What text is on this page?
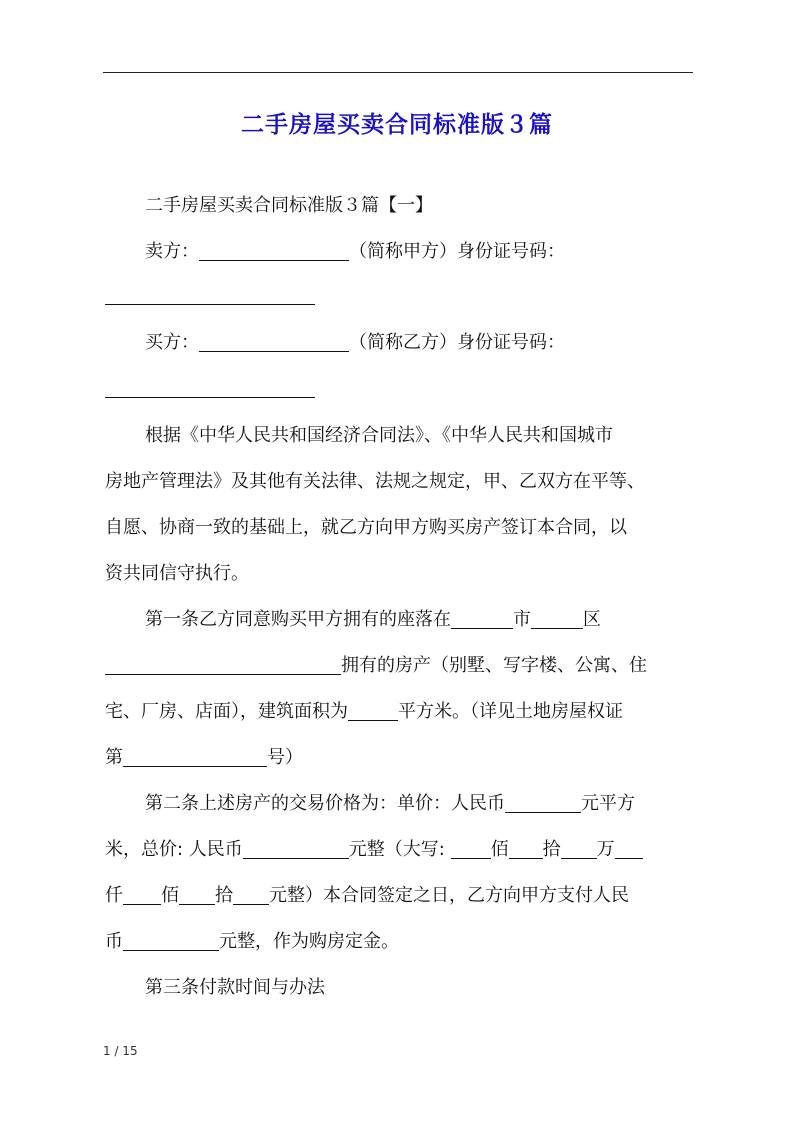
二手房屋买卖合同标准版３篇
二手房屋买卖合同标准版３篇【一】
卖方：	（简称甲方）身份证号码：
买方：	（简称乙方）身份证号码：
根据《中华人民共和国经济合同法》、《中华人民共和国城市
房地产管理法》及其他有关法律、法规之规定，甲、乙双方在平等、
自愿、协商一致的基础上，就乙方向甲方购买房产签订本合同，以
资共同信守执行。
第一条乙方同意购买甲方拥有的座落在	市	区
拥有的房产（别墅、写字楼、公寓、住
宅、厂房、店面），建筑面积为	平方米。（详见土地房屋权证
第	号）
第二条上述房产的交易价格为：单价：人民币	元平方
米，总价: 人民币	元整（大写: 佰 拾 万
仟 佰 拾 元整）本合同签定之日，乙方向甲方支付人民
币	元整，作为购房定金。
第三条付款时间与办法
1 / 15
